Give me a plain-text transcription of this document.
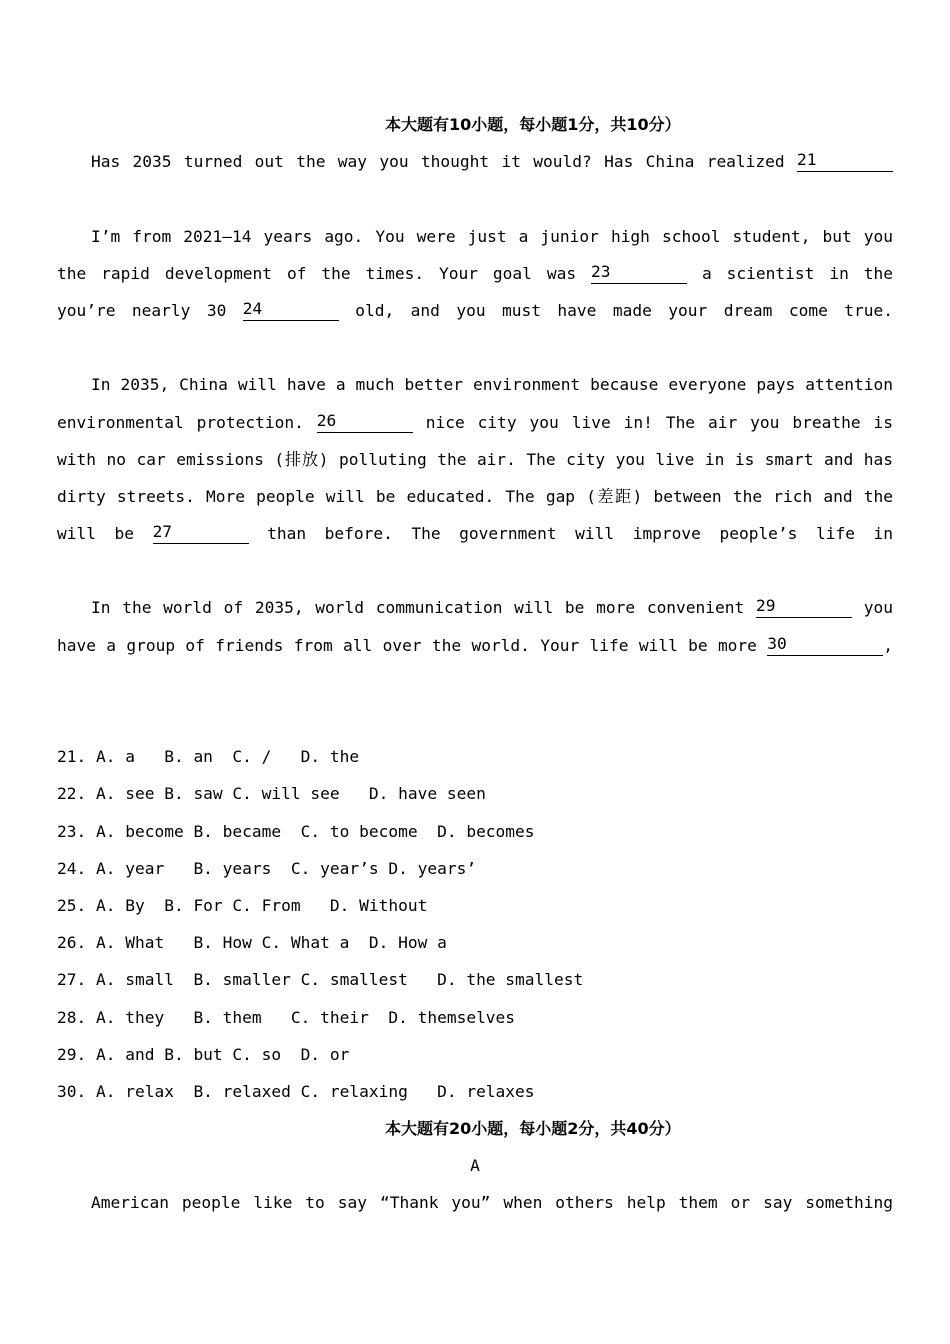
本大题有10小题，每小题1分，共10分）

Has 2035 turned out the way you thought it would? Has China realized 21

I’m from 2021—14 years ago. You were just a junior high school student, but you
the rapid development of the times. Your goal was 23	a scientist in the
you’re nearly 30 24	old, and you must have made your dream come true.

In 2035, China will have a much better environment because everyone pays attention
environmental protection. 26	nice city you live in! The air you breathe is
with no car emissions (排放) polluting the air. The city you live in is smart and has
dirty streets. More people will be educated. The gap (差距) between the rich and the
will be 27	than before. The government will improve people’s life in

In the world of 2035, world communication will be more convenient 29	you
have a group of friends from all over the world. Your life will be more 30	,

21. A. a   B. an  C. /   D. the
22. A. see B. saw C. will see   D. have seen
23. A. become B. became  C. to become  D. becomes
24. A. year   B. years  C. year’s D. years’
25. A. By  B. For C. From   D. Without
26. A. What   B. How C. What a  D. How a
27. A. small  B. smaller C. smallest   D. the smallest
28. A. they   B. them   C. their  D. themselves
29. A. and B. but C. so  D. or
30. A. relax  B. relaxed C. relaxing   D. relaxes

本大题有20小题，每小题2分，共40分）

A
American people like to say “Thank you” when others help them or say something
